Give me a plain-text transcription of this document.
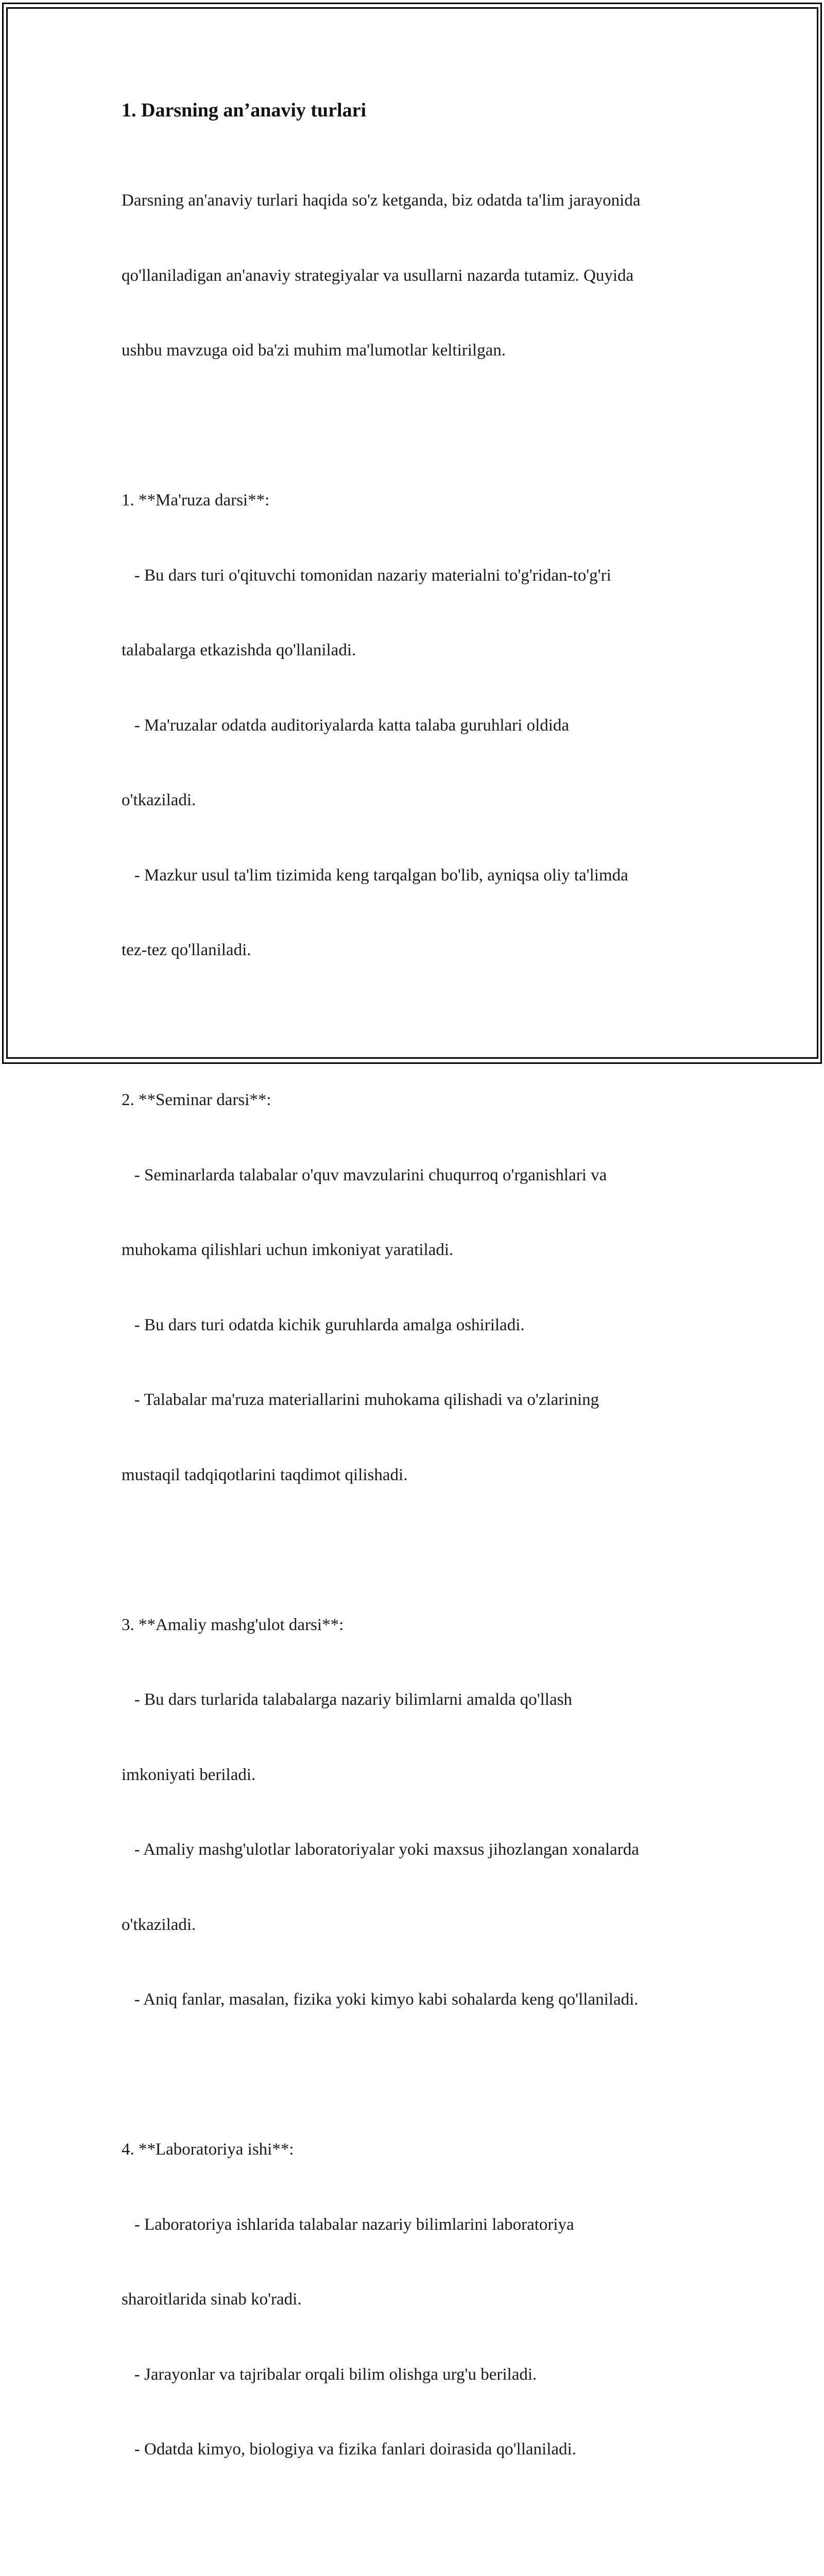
1. Darsning an’anaviy turlari

Darsning an'anaviy turlari haqida so'z ketganda, biz odatda ta'lim jarayonida

qo'llaniladigan an'anaviy strategiyalar va usullarni nazarda tutamiz. Quyida

ushbu mavzuga oid ba'zi muhim ma'lumotlar keltirilgan.

1. **Ma'ruza darsi**:

- Bu dars turi o'qituvchi tomonidan nazariy materialni to'g'ridan-to'g'ri

talabalarga etkazishda qo'llaniladi.

- Ma'ruzalar odatda auditoriyalarda katta talaba guruhlari oldida

o'tkaziladi.

- Mazkur usul ta'lim tizimida keng tarqalgan bo'lib, ayniqsa oliy ta'limda

tez-tez qo'llaniladi.

2. **Seminar darsi**:

- Seminarlarda talabalar o'quv mavzularini chuqurroq o'rganishlari va

muhokama qilishlari uchun imkoniyat yaratiladi.

- Bu dars turi odatda kichik guruhlarda amalga oshiriladi.

- Talabalar ma'ruza materiallarini muhokama qilishadi va o'zlarining

mustaqil tadqiqotlarini taqdimot qilishadi.

3. **Amaliy mashg'ulot darsi**:

- Bu dars turlarida talabalarga nazariy bilimlarni amalda qo'llash

imkoniyati beriladi.

- Amaliy mashg'ulotlar laboratoriyalar yoki maxsus jihozlangan xonalarda

o'tkaziladi.

- Aniq fanlar, masalan, fizika yoki kimyo kabi sohalarda keng qo'llaniladi.

4. **Laboratoriya ishi**:

- Laboratoriya ishlarida talabalar nazariy bilimlarini laboratoriya

sharoitlarida sinab ko'radi.

- Jarayonlar va tajribalar orqali bilim olishga urg'u beriladi.

- Odatda kimyo, biologiya va fizika fanlari doirasida qo'llaniladi.
